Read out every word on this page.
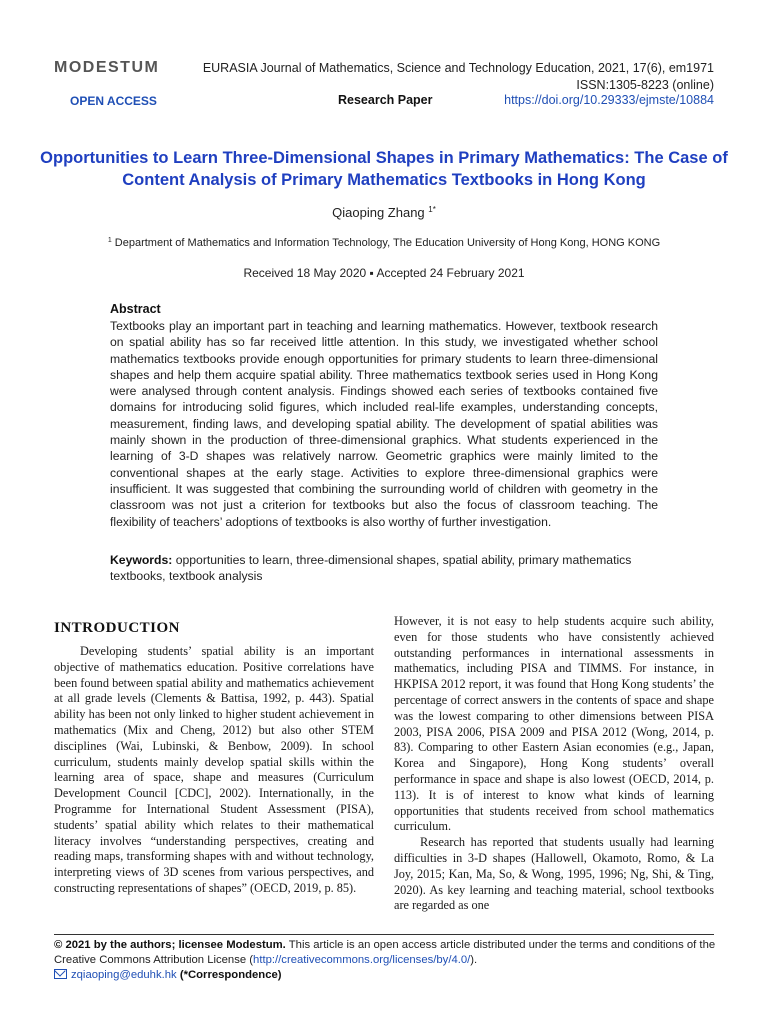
MODESTUM	EURASIA Journal of Mathematics, Science and Technology Education, 2021, 17(6), em1971
ISSN:1305-8223 (online)
OPEN ACCESS	Research Paper	https://doi.org/10.29333/ejmste/10884
Opportunities to Learn Three-Dimensional Shapes in Primary Mathematics: The Case of Content Analysis of Primary Mathematics Textbooks in Hong Kong
Qiaoping Zhang $^{1*}$
$^1$ Department of Mathematics and Information Technology, The Education University of Hong Kong, HONG KONG
Received 18 May 2020 ▪ Accepted 24 February 2021
Abstract

Textbooks play an important part in teaching and learning mathematics. However, textbook research on spatial ability has so far received little attention. In this study, we investigated whether school mathematics textbooks provide enough opportunities for primary students to learn three-dimensional shapes and help them acquire spatial ability. Three mathematics textbook series used in Hong Kong were analysed through content analysis. Findings showed each series of textbooks contained five domains for introducing solid figures, which included real-life examples, understanding concepts, measurement, finding laws, and developing spatial ability. The development of spatial abilities was mainly shown in the production of three-dimensional graphics. What students experienced in the learning of 3-D shapes was relatively narrow. Geometric graphics were mainly limited to the conventional shapes at the early stage. Activities to explore three-dimensional graphics were insufficient. It was suggested that combining the surrounding world of children with geometry in the classroom was not just a criterion for textbooks but also the focus of classroom teaching. The flexibility of teachers’ adoptions of textbooks is also worthy of further investigation.

Keywords: opportunities to learn, three-dimensional shapes, spatial ability, primary mathematics textbooks, textbook analysis

INTRODUCTION

Developing students’ spatial ability is an important objective of mathematics education. Positive correlations have been found between spatial ability and mathematics achievement at all grade levels (Clements & Battisa, 1992, p. 443). Spatial ability has been not only linked to higher student achievement in mathematics (Mix and Cheng, 2012) but also other STEM disciplines (Wai, Lubinski, & Benbow, 2009). In school curriculum, students mainly develop spatial skills within the learning area of space, shape and measures (Curriculum Development Council [CDC], 2002). Internationally, in the Programme for International Student Assessment (PISA), students’ spatial ability which relates to their mathematical literacy involves “understanding perspectives, creating and reading maps, transforming shapes with and without technology, interpreting views of 3D scenes from various perspectives, and constructing representations of shapes” (OECD, 2019, p. 85).

However, it is not easy to help students acquire such ability, even for those students who have consistently achieved outstanding performances in international assessments in mathematics, including PISA and TIMMS. For instance, in HKPISA 2012 report, it was found that Hong Kong students’ the percentage of correct answers in the contents of space and shape was the lowest comparing to other dimensions between PISA 2003, PISA 2006, PISA 2009 and PISA 2012 (Wong, 2014, p. 83). Comparing to other Eastern Asian economies (e.g., Japan, Korea and Singapore), Hong Kong students’ overall performance in space and shape is also lowest (OECD, 2014, p. 113). It is of interest to know what kinds of learning opportunities that students received from school mathematics curriculum.

Research has reported that students usually had learning difficulties in 3-D shapes (Hallowell, Okamoto, Romo, & La Joy, 2015; Kan, Ma, So, & Wong, 1995, 1996; Ng, Shi, & Ting, 2020). As key learning and teaching material, school textbooks are regarded as one

© 2021 by the authors; licensee Modestum. This article is an open access article distributed under the terms and conditions of the Creative Commons Attribution License (http://creativecommons.org/licenses/by/4.0/).
zqiaoping@eduhk.hk (*Correspondence)
